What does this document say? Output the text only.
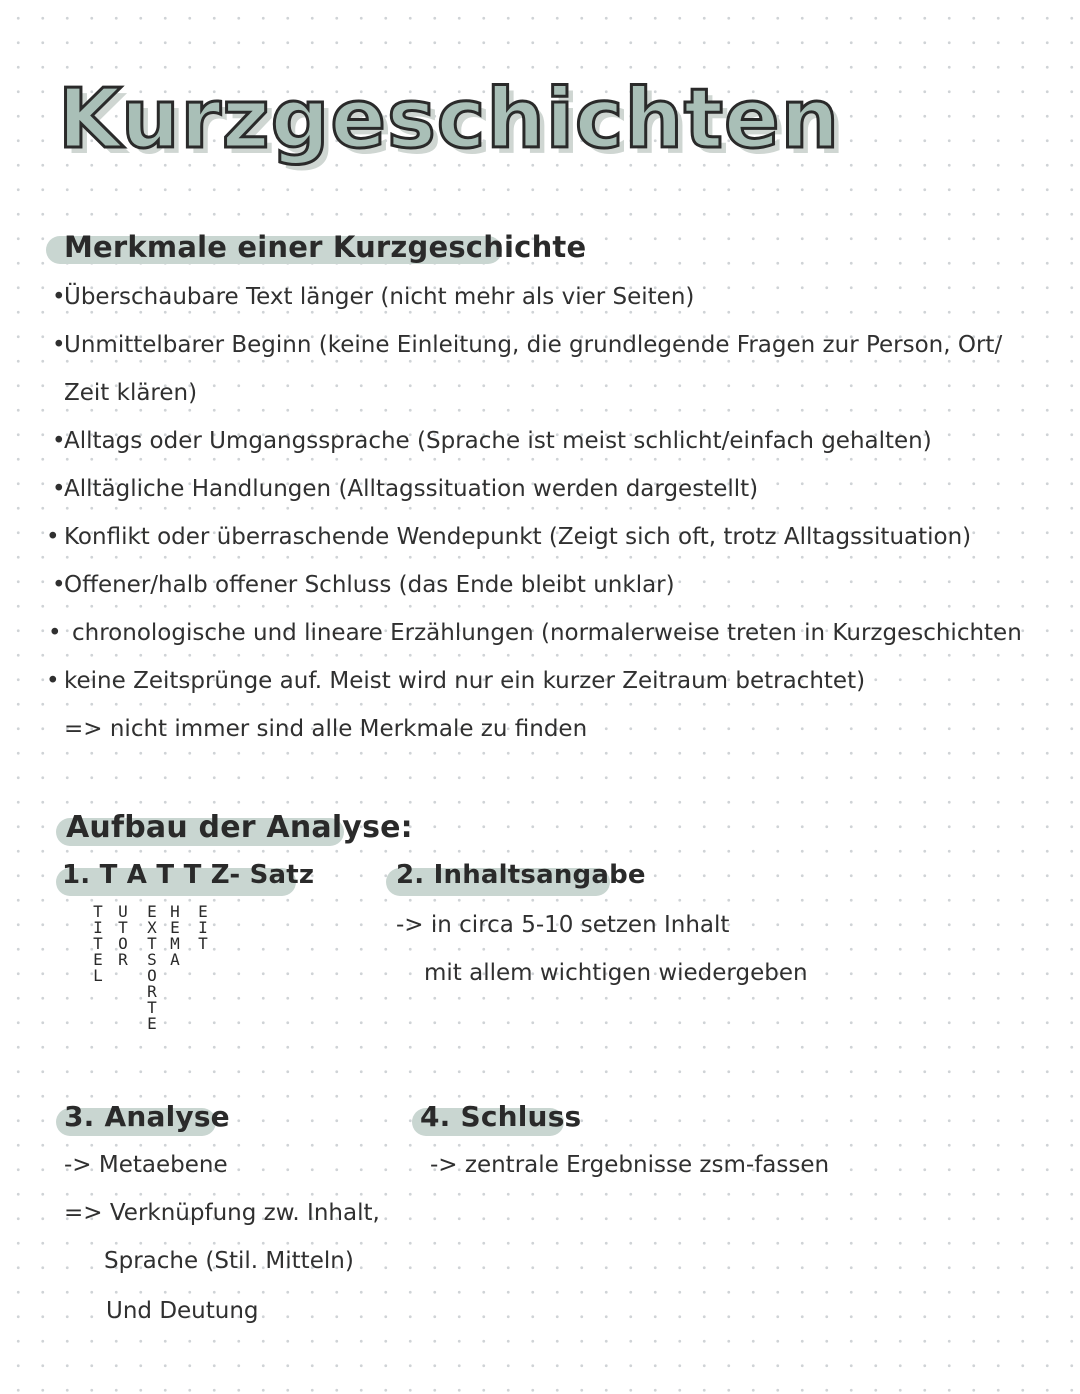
Kurzgeschichten
Merkmale einer Kurzgeschichte
•
Überschaubare Text länger (nicht mehr als vier Seiten)
•
Unmittelbarer Beginn (keine Einleitung, die grundlegende Fragen zur Person, Ort/
Zeit klären)
•
Alltags oder Umgangssprache (Sprache ist meist schlicht/einfach gehalten)
•
Alltägliche Handlungen (Alltagssituation werden dargestellt)
• Konflikt oder überraschende Wendepunkt (Zeigt sich oft, trotz Alltagssituation)
•
Offener/halb offener Schluss (das Ende bleibt unklar)
• chronologische und lineare Erzählungen (normalerweise treten in Kurzgeschichten
• keine Zeitsprünge auf. Meist wird nur ein kurzer Zeitraum betrachtet)
=> nicht immer sind alle Merkmale zu finden
Aufbau der Analyse:
1. T A T T Z- Satz
TITEL
UTOR
EXTSORTE
HEMA
EIT
2. Inhaltsangabe
-> in circa 5-10 setzen Inhalt
mit allem wichtigen wiedergeben
3. Analyse
-> Metaebene
=> Verknüpfung zw. Inhalt,
Sprache (Stil. Mitteln)
Und Deutung
4. Schluss
-> zentrale Ergebnisse zsm-fassen
